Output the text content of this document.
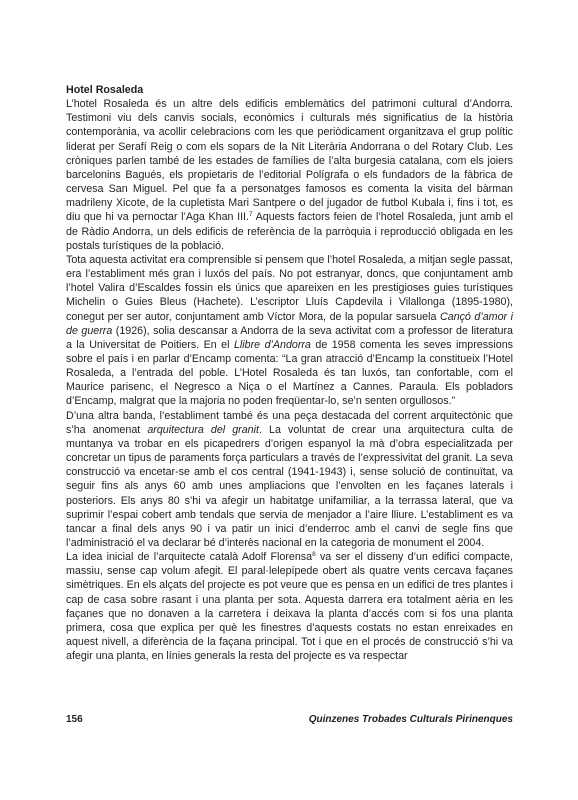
Hotel Rosaleda

L’hotel Rosaleda és un altre dels edificis emblemàtics del patrimoni cultural d’Andorra. Testimoni viu dels canvis socials, econòmics i culturals més significatius de la història contemporània, va acollir celebracions com les que periòdicament organitzava el grup polític liderat per Serafí Reig o com els sopars de la Nit Literària Andorrana o del Rotary Club. Les cròniques parlen també de les estades de famílies de l’alta burgesia catalana, com els joiers barcelonins Bagués, els propietaris de l’editorial Polígrafa o els fundadors de la fàbrica de cervesa San Miguel. Pel que fa a personatges famosos es comenta la visita del bàrman madrileny Xicote, de la cupletista Mari Santpere o del jugador de futbol Kubala i, fins i tot, es diu que hi va pernoctar l’Aga Khan III.$^7$ Aquests factors feien de l’hotel Rosaleda, junt amb el de Ràdio Andorra, un dels edificis de referència de la parròquia i reproducció obligada en les postals turístiques de la població.

Tota aquesta activitat era comprensible si pensem que l’hotel Rosaleda, a mitjan segle passat, era l’establiment més gran i luxós del país. No pot estranyar, doncs, que conjuntament amb l’hotel Valira d’Escaldes fossin els únics que apareixen en les prestigioses guies turístiques Michelin o Guies Bleus (Hachete). L’escriptor Lluís Capdevila i Vilallonga (1895-1980), conegut per ser autor, conjuntament amb Víctor Mora, de la popular sarsuela Cançó d’amor i de guerra (1926), solia descansar a Andorra de la seva activitat com a professor de literatura a la Universitat de Poitiers. En el Llibre d’Andorra de 1958 comenta les seves impressions sobre el país i en parlar d’Encamp comenta: “La gran atracció d’Encamp la constitueix l’Hotel Rosaleda, a l’entrada del poble. L’Hotel Rosaleda és tan luxós, tan confortable, com el Maurice parisenc, el Negresco a Niça o el Martínez a Cannes. Paraula. Els pobladors d’Encamp, malgrat que la majoria no poden freqüentar-lo, se’n senten orgullosos.”

D’una altra banda, l’establiment també és una peça destacada del corrent arquitectònic que s’ha anomenat arquitectura del granit. La voluntat de crear una arquitectura culta de muntanya va trobar en els picapedrers d’origen espanyol la mà d’obra especialitzada per concretar un tipus de paraments força particulars a través de l’expressivitat del granit. La seva construcció va encetar-se amb el cos central (1941-1943) i, sense solució de continuïtat, va seguir fins als anys 60 amb unes ampliacions que l’envolten en les façanes laterals i posteriors. Els anys 80 s’hi va afegir un habitatge unifamiliar, a la terrassa lateral, que va suprimir l’espai cobert amb tendals que servia de menjador a l’aire lliure. L’establiment es va tancar a final dels anys 90 i va patir un inici d’enderroc amb el canvi de segle fins que l’administració el va declarar bé d’interès nacional en la categoria de monument el 2004.

La idea inicial de l’arquitecte català Adolf Florensa$^8$ va ser el disseny d’un edifici compacte, massiu, sense cap volum afegit. El paral·lelepípede obert als quatre vents cercava façanes simètriques. En els alçats del projecte es pot veure que es pensa en un edifici de tres plantes i cap de casa sobre rasant i una planta per sota. Aquesta darrera era totalment aèria en les façanes que no donaven a la carretera i deixava la planta d’accés com si fos una planta primera, cosa que explica per què les finestres d’aquests costats no estan enreixades en aquest nivell, a diferència de la façana principal. Tot i que en el procés de construcció s’hi va afegir una planta, en línies generals la resta del projecte es va respectar

156	Quinzenes Trobades Culturals Pirinenques
